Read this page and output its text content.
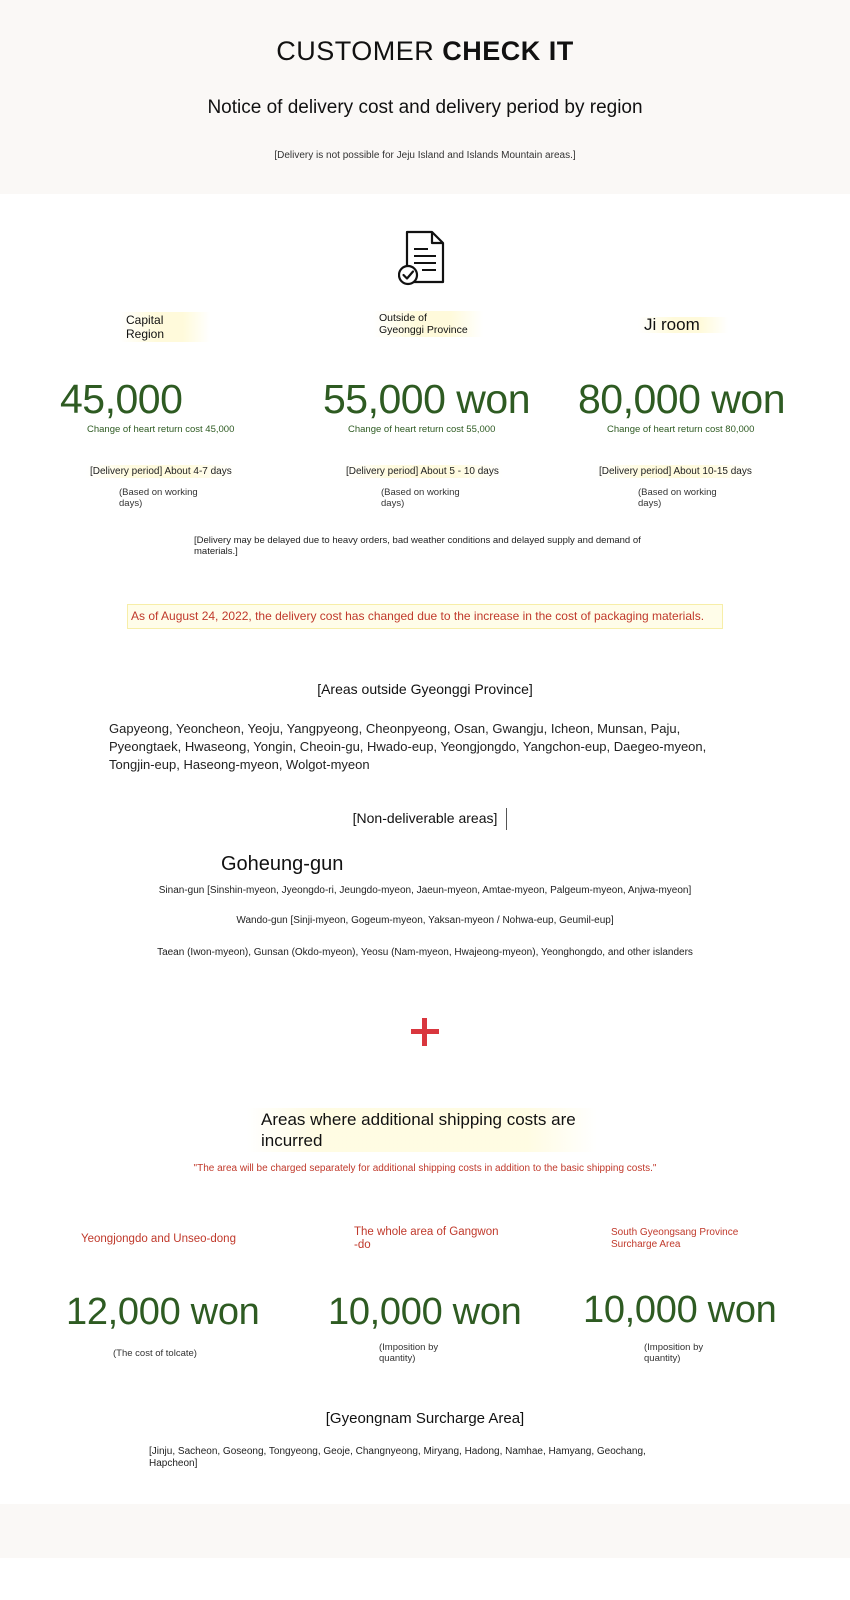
CUSTOMER CHECK IT
Notice of delivery cost and delivery period by region
[Delivery is not possible for Jeju Island and Islands Mountain areas.]
Capital
Region
45,000
Change of heart return cost 45,000
[Delivery period] About 4-7 days
(Based on working
days)
Outside of
Gyeonggi Province
55,000 won
Change of heart return cost 55,000
[Delivery period] About 5 - 10 days
(Based on working
days)
Ji room
80,000 won
Change of heart return cost 80,000
[Delivery period] About 10-15 days
(Based on working
days)
[Delivery may be delayed due to heavy orders, bad weather conditions and delayed supply and demand of materials.]
As of August 24, 2022, the delivery cost has changed due to the increase in the cost of packaging materials.
[Areas outside Gyeonggi Province]
Gapyeong, Yeoncheon, Yeoju, Yangpyeong, Cheonpyeong, Osan, Gwangju, Icheon, Munsan, Paju, Pyeongtaek, Hwaseong, Yongin, Cheoin-gu, Hwado-eup, Yeongjongdo, Yangchon-eup, Daegeo-myeon, Tongjin-eup, Haseong-myeon, Wolgot-myeon
[Non-deliverable areas]
Goheung-gun
Sinan-gun [Sinshin-myeon, Jyeongdo-ri, Jeungdo-myeon, Jaeun-myeon, Amtae-myeon, Palgeum-myeon, Anjwa-myeon]
Wando-gun [Sinji-myeon, Gogeum-myeon, Yaksan-myeon / Nohwa-eup, Geumil-eup]
Taean (Iwon-myeon), Gunsan (Okdo-myeon), Yeosu (Nam-myeon, Hwajeong-myeon), Yeonghongdo, and other islanders
Areas where additional shipping costs are incurred
"The area will be charged separately for additional shipping costs in addition to the basic shipping costs."
Yeongjongdo and Unseo-dong
12,000 won
(The cost of tolcate)
The whole area of Gangwon
-do
10,000 won
(Imposition by
quantity)
South Gyeongsang Province
Surcharge Area
10,000 won
(Imposition by
quantity)
[Gyeongnam Surcharge Area]
[Jinju, Sacheon, Goseong, Tongyeong, Geoje, Changnyeong, Miryang, Hadong, Namhae, Hamyang, Geochang, Hapcheon]
